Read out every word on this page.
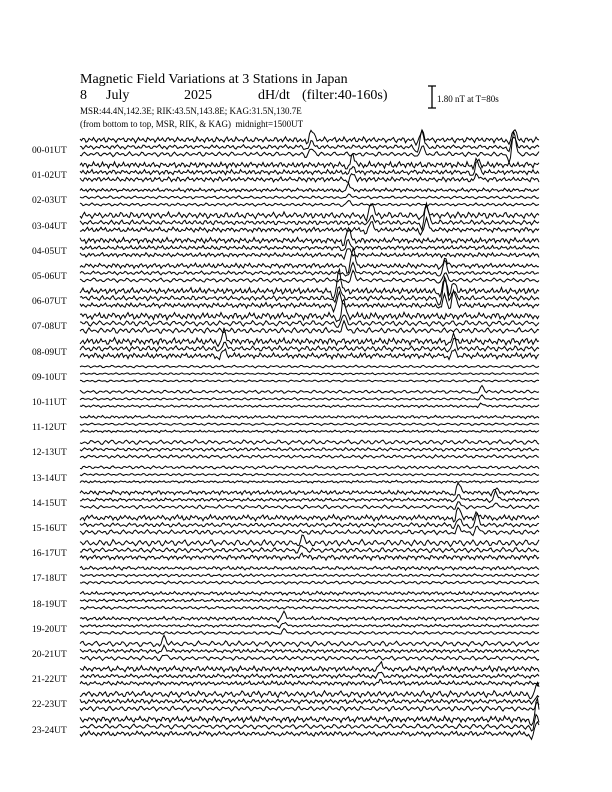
Magnetic Field Variations at 3 Stations in Japan
8 July	2025	dH/dt (filter:40-160s)
MSR:44.4N,142.3E; RIK:43.5N,143.8E; KAG:31.5N,130.7E
(from bottom to top, MSR, RIK, & KAG) midnight=1500UT
1.80 nT at T=80s
00-01UT
01-02UT
02-03UT
03-04UT
04-05UT
05-06UT
06-07UT
07-08UT
08-09UT
09-10UT
10-11UT
11-12UT
12-13UT
13-14UT
14-15UT
15-16UT
16-17UT
17-18UT
18-19UT
19-20UT
20-21UT
21-22UT
22-23UT
23-24UT
